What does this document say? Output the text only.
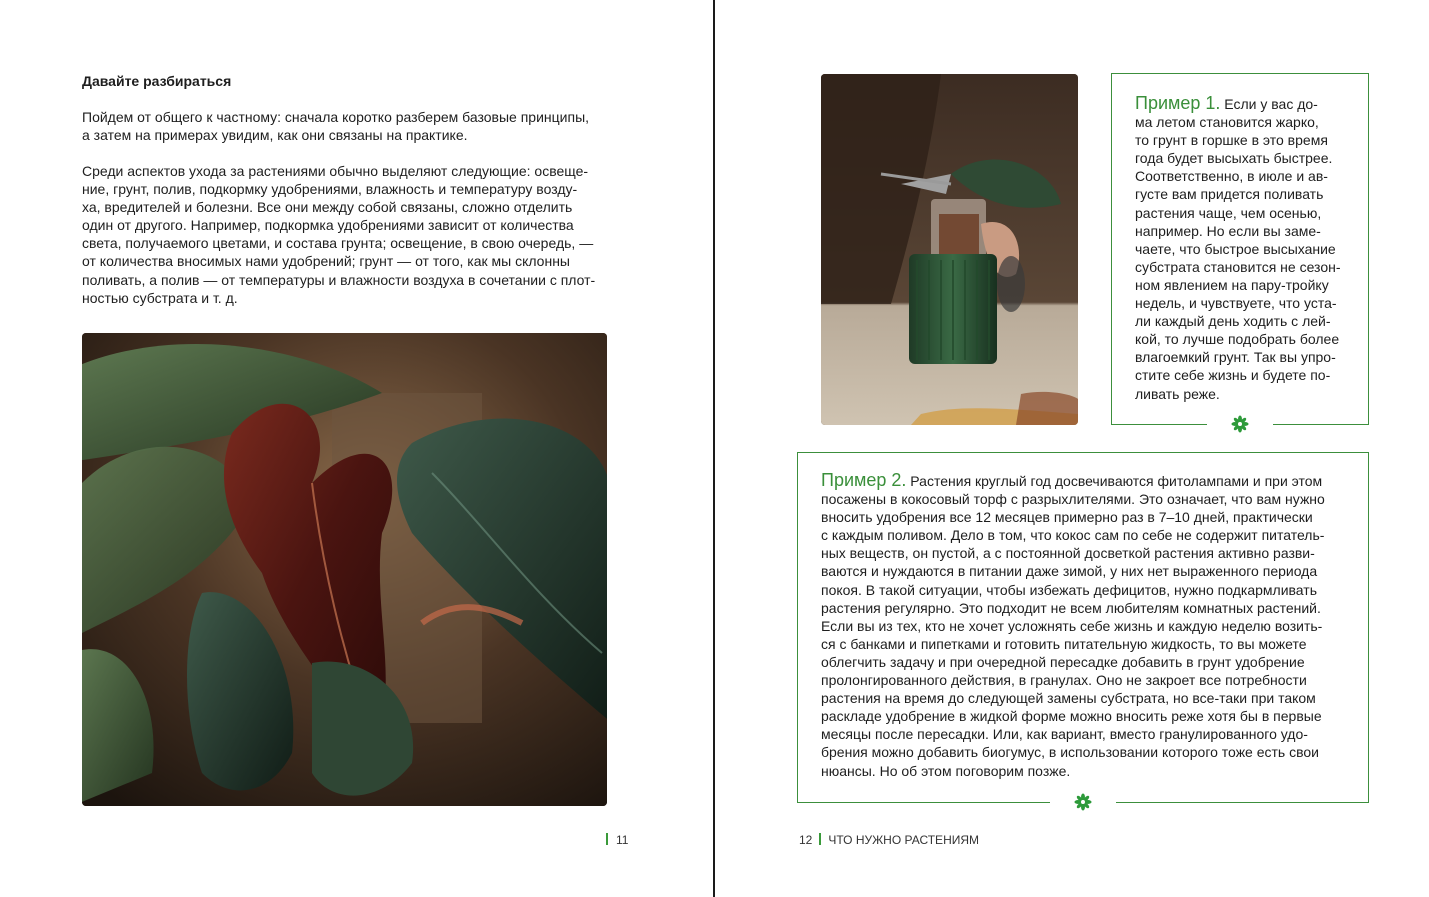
Давайте разбираться

Пойдем от общего к частному: сначала коротко разберем базовые принципы,
а затем на примерах увидим, как они связаны на практике.

Среди аспектов ухода за растениями обычно выделяют следующие: освеще-
ние, грунт, полив, подкормку удобрениями, влажность и температуру возду-
ха, вредителей и болезни. Все они между собой связаны, сложно отделить
один от другого. Например, подкормка удобрениями зависит от количества
света, получаемого цветами, и состава грунта; освещение, в свою очередь, —
от количества вносимых нами удобрений; грунт — от того, как мы склонны
поливать, а полив — от температуры и влажности воздуха в сочетании с плот-
ностью субстрата и т. д.

11

Пример 1. Если у вас до-
ма летом становится жарко,
то грунт в горшке в это время
года будет высыхать быстрее.
Соответственно, в июле и ав-
густе вам придется поливать
растения чаще, чем осенью,
например. Но если вы заме-
чаете, что быстрое высыхание
субстрата становится не сезон-
ном явлением на пару-тройку
недель, и чувствуете, что уста-
ли каждый день ходить с лей-
кой, то лучше подобрать более
влагоемкий грунт. Так вы упро-
стите себе жизнь и будете по-
ливать реже.

Пример 2. Растения круглый год досвечиваются фитолампами и при этом
посажены в кокосовый торф с разрыхлителями. Это означает, что вам нужно
вносить удобрения все 12 месяцев примерно раз в 7–10 дней, практически
с каждым поливом. Дело в том, что кокос сам по себе не содержит питатель-
ных веществ, он пустой, а с постоянной досветкой растения активно разви-
ваются и нуждаются в питании даже зимой, у них нет выраженного периода
покоя. В такой ситуации, чтобы избежать дефицитов, нужно подкармливать
растения регулярно. Это подходит не всем любителям комнатных растений.
Если вы из тех, кто не хочет усложнять себе жизнь и каждую неделю возить-
ся с банками и пипетками и готовить питательную жидкость, то вы можете
облегчить задачу и при очередной пересадке добавить в грунт удобрение
пролонгированного действия, в гранулах. Оно не закроет все потребности
растения на время до следующей замены субстрата, но все-таки при таком
раскладе удобрение в жидкой форме можно вносить реже хотя бы в первые
месяцы после пересадки. Или, как вариант, вместо гранулированного удо-
брения можно добавить биогумус, в использовании которого тоже есть свои
нюансы. Но об этом поговорим позже.

12 ЧТО НУЖНО РАСТЕНИЯМ
